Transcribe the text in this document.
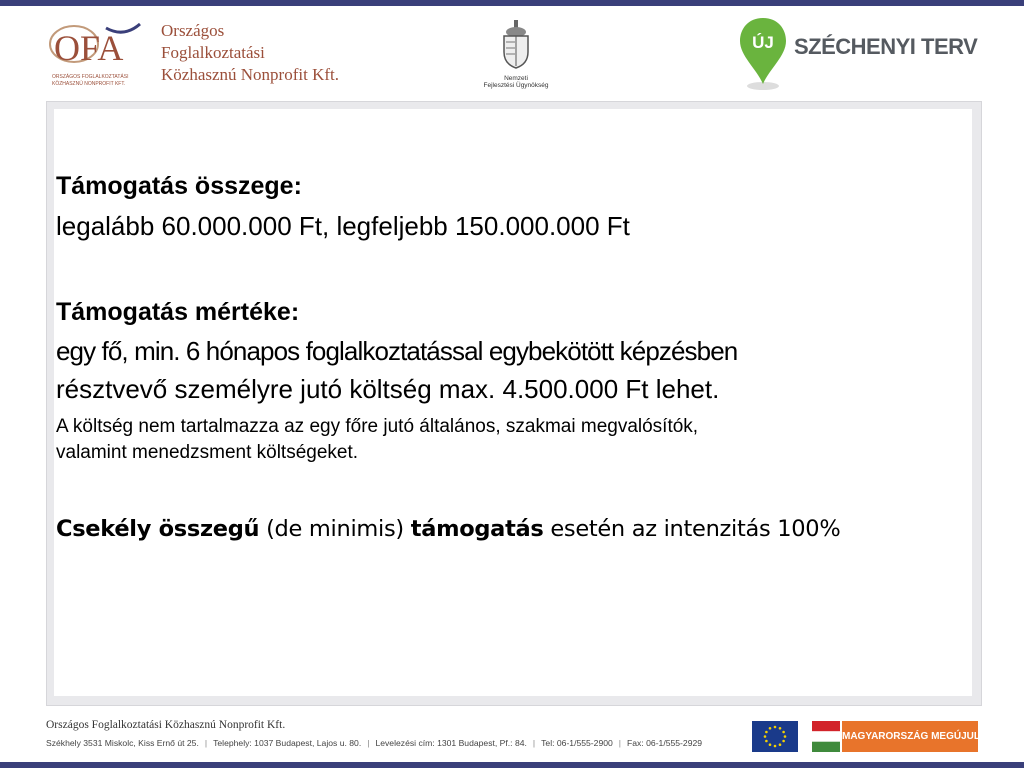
OFA
ORSZÁGOS FOGLALKOZTATÁSI
KÖZHASZNÚ NONPROFIT KFT.
Országos
Foglalkoztatási
Közhasznú Nonprofit Kft.	Nemzeti
Fejlesztési Ügynökség
ÚJ SZÉCHENYI TERV

Támogatás összege:

legalább 60.000.000 Ft, legfeljebb 150.000.000 Ft

Támogatás mértéke:

egy fő, min. 6 hónapos foglalkoztatással egybekötött képzésben

résztvevő személyre jutó költség max. 4.500.000 Ft lehet.

A költség nem tartalmazza az egy főre jutó általános, szakmai megvalósítók,

valamint menedzsment költségeket.

Csekély összegű (de minimis) támogatás esetén az intenzitás 100%

Országos Foglalkoztatási Közhasznú Nonprofit Kft.
Székhely 3531 Miskolc, Kiss Ernő út 25. | Telephely: 1037 Budapest, Lajos u. 80. | Levelezési cím: 1301 Budapest, Pf.: 84. | Tel: 06-1/555-2900 | Fax: 06-1/555-2929
MAGYARORSZÁG MEGÚJUL
